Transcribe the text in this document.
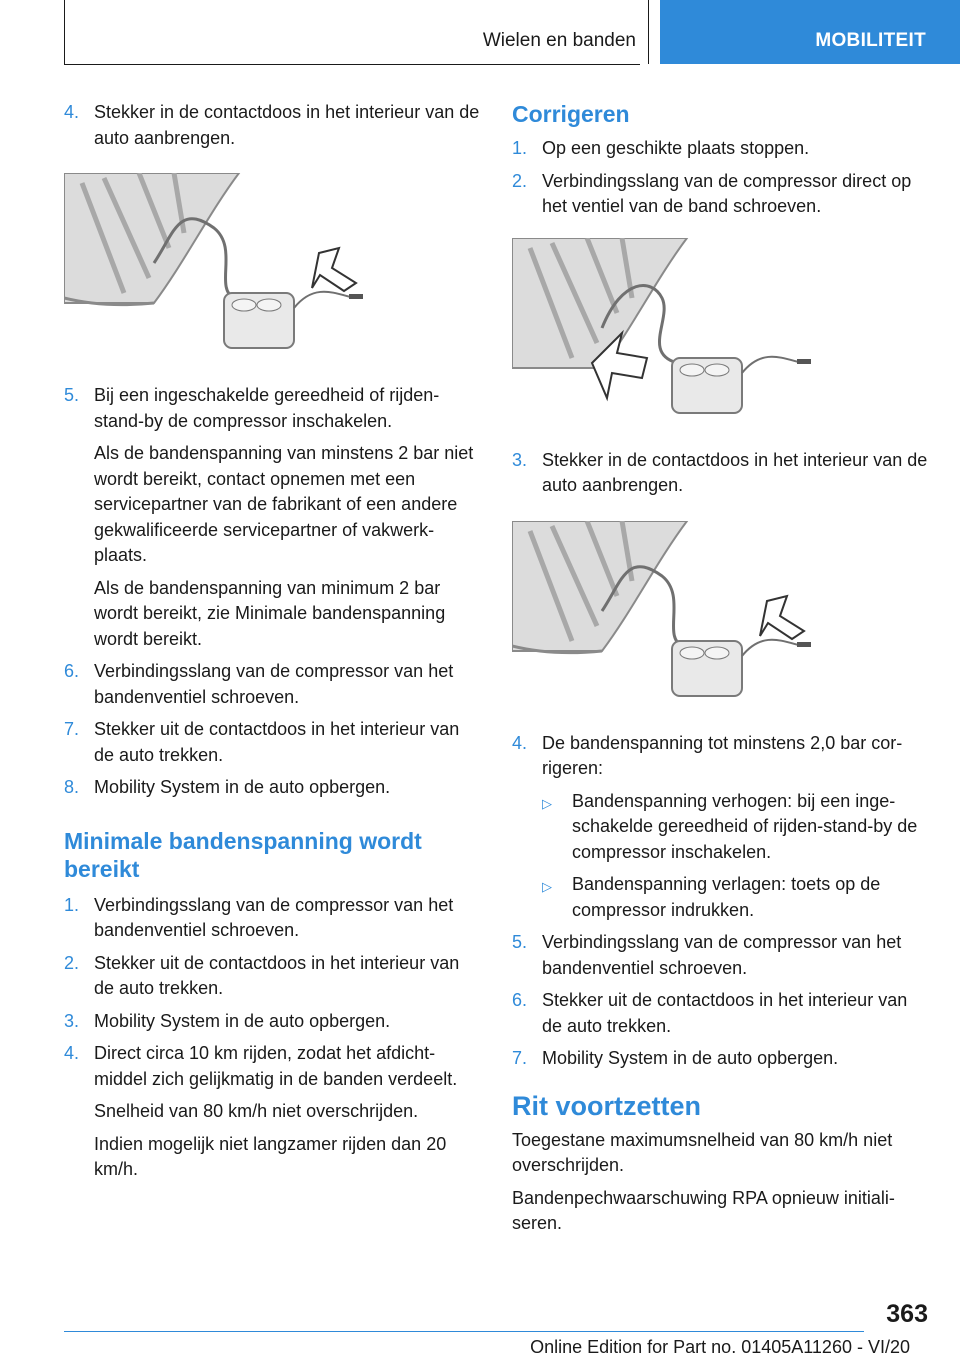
Wielen en banden	MOBILITEIT
4. Stekker in de contactdoos in het interieur van de auto aanbrengen.
5. Bij een ingeschakelde gereedheid of rijdenstand-by de compressor inschakelen.
Als de bandenspanning van minstens 2 bar niet wordt bereikt, contact opnemen met een servicepartner van de fabrikant of een andere gekwalificeerde servicepartner of vakwerkplaats.
Als de bandenspanning van minimum 2 bar wordt bereikt, zie Minimale bandenspanning wordt bereikt.
6. Verbindingsslang van de compressor van het bandenventiel schroeven.
7. Stekker uit de contactdoos in het interieur van de auto trekken.
8. Mobility System in de auto opbergen.
Minimale bandenspanning wordt bereikt
1. Verbindingsslang van de compressor van het bandenventiel schroeven.
2. Stekker uit de contactdoos in het interieur van de auto trekken.
3. Mobility System in de auto opbergen.
4. Direct circa 10 km rijden, zodat het afdichtmiddel zich gelijkmatig in de banden verdeelt.
Snelheid van 80 km/h niet overschrijden.
Indien mogelijk niet langzamer rijden dan 20 km/h.
Corrigeren
1. Op een geschikte plaats stoppen.
2. Verbindingsslang van de compressor direct op het ventiel van de band schroeven.
3. Stekker in de contactdoos in het interieur van de auto aanbrengen.
4. De bandenspanning tot minstens 2,0 bar corrigeren:
▷	Bandenspanning verhogen: bij een ingeschakelde gereedheid of rijden-stand-by de compressor inschakelen.
▷	Bandenspanning verlagen: toets op de compressor indrukken.
5. Verbindingsslang van de compressor van het bandenventiel schroeven.
6. Stekker uit de contactdoos in het interieur van de auto trekken.
7. Mobility System in de auto opbergen.
Rit voortzetten
Toegestane maximumsnelheid van 80 km/h niet overschrijden.
Bandenpechwaarschuwing RPA opnieuw initialiseren.
363
Online Edition for Part no. 01405A11260 - VI/20
